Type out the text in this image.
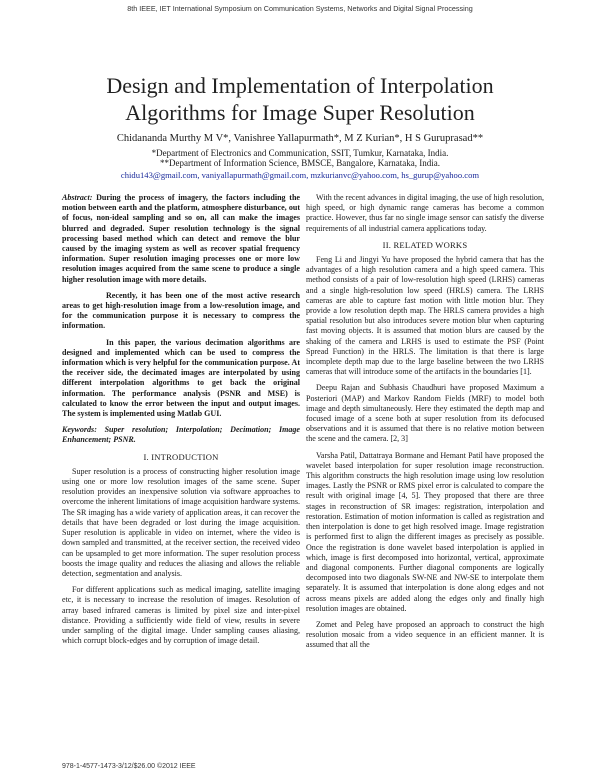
8th IEEE, IET International Symposium on Communication Systems, Networks and Digital Signal Processing
Design and Implementation of Interpolation
Algorithms for Image Super Resolution
Chidananda Murthy M V*, Vanishree Yallapurmath*, M Z Kurian*, H S Guruprasad**
*Department of Electronics and Communication, SSIT, Tumkur, Karnataka, India.
**Department of Information Science, BMSCE, Bangalore, Karnataka, India.
chidu143@gmail.com, vaniyallapurmath@gmail.com, mzkurianvc@yahoo.com, hs_gurup@yahoo.com

Abstract: During the process of imagery, the factors including the motion between earth and the platform, atmosphere disturbance, out of focus, non-ideal sampling and so on, all can make the images blurred and degraded. Super resolution technology is the signal processing based method which can detect and remove the blur caused by the imaging system as well as recover spatial frequency information. Super resolution imaging processes one or more low resolution images acquired from the same scene to produce a single higher resolution image with more details.

Recently, it has been one of the most active research areas to get high-resolution image from a low-resolution image, and for the communication purpose it is necessary to compress the information.

In this paper, the various decimation algorithms are designed and implemented which can be used to compress the information which is very helpful for the communication purpose. At the receiver side, the decimated images are interpolated by using different interpolation algorithms to get back the original information. The performance analysis (PSNR and MSE) is calculated to know the error between the input and output images. The system is implemented using Matlab GUI.

Keywords: Super resolution; Interpolation; Decimation; Image Enhancement; PSNR.

I. INTRODUCTION

Super resolution is a process of constructing higher resolution image using one or more low resolution images of the same scene. Super resolution provides an inexpensive solution via software approaches to overcome the inherent limitations of image acquisition hardware systems. The SR imaging has a wide variety of application areas, it can recover the details that have been degraded or lost during the image acquisition. Super resolution is applicable in video on internet, where the video is down sampled and transmitted, at the receiver section, the received video can be upsampled to get more information. The super resolution process boosts the image quality and reduces the aliasing and allows the reliable detection, segmentation and analysis.

For different applications such as medical imaging, satellite imaging etc, it is necessary to increase the resolution of images. Resolution of array based infrared cameras is limited by pixel size and inter-pixel distance. Providing a sufficiently wide field of view, results in severe under sampling of the digital image. Under sampling causes aliasing, which corrupt block-edges and by corruption of image detail.

With the recent advances in digital imaging, the use of high resolution, high speed, or high dynamic range cameras has become a common practice. However, thus far no single image sensor can satisfy the diverse requirements of all industrial camera applications today.

II. RELATED WORKS

Feng Li and Jingyi Yu have proposed the hybrid camera that has the advantages of a high resolution camera and a high speed camera. This method consists of a pair of low-resolution high speed (LRHS) cameras and a single high-resolution low speed (HRLS) camera. The LRHS cameras are able to capture fast motion with little motion blur. They provide a low resolution depth map. The HRLS camera provides a high spatial resolution but also introduces severe motion blur when capturing fast moving objects. It is assumed that motion blurs are caused by the shaking of the camera and LRHS is used to estimate the PSF (Point Spread Function) in the HRLS. The limitation is that there is large incomplete depth map due to the large baseline between the two LRHS cameras that will introduce some of the artifacts in the boundaries [1].

Deepu Rajan and Subhasis Chaudhuri have proposed Maximum a Posteriori (MAP) and Markov Random Fields (MRF) to model both image and depth simultaneously. Here they estimated the depth map and focused image of a scene both at super resolution from its defocused observations and it is assumed that there is no relative motion between the scene and the camera. [2, 3]

Varsha Patil, Dattatraya Bormane and Hemant Patil have proposed the wavelet based interpolation for super resolution image reconstruction. This algorithm constructs the high resolution image using low resolution images. Lastly the PSNR or RMS pixel error is calculated to compare the result with original image [4, 5]. They proposed that there are three stages in reconstruction of SR images: registration, interpolation and restoration. Estimation of motion information is called as registration and then interpolation is done to get high resolved image. Image registration is performed first to align the different images as precisely as possible. Once the registration is done wavelet based interpolation is applied in which, image is first decomposed into horizontal, vertical, approximate and diagonal components. Further diagonal components are logically decomposed into two diagonals SW-NE and NW-SE to interpolate them separately. It is assumed that interpolation is done along edges and not across means pixels are added along the edges only and finally high resolution images are obtained.

Zomet and Peleg have proposed an approach to construct the high resolution mosaic from a video sequence in an efficient manner. It is assumed that all the

978-1-4577-1473-3/12/$26.00 ©2012 IEEE
